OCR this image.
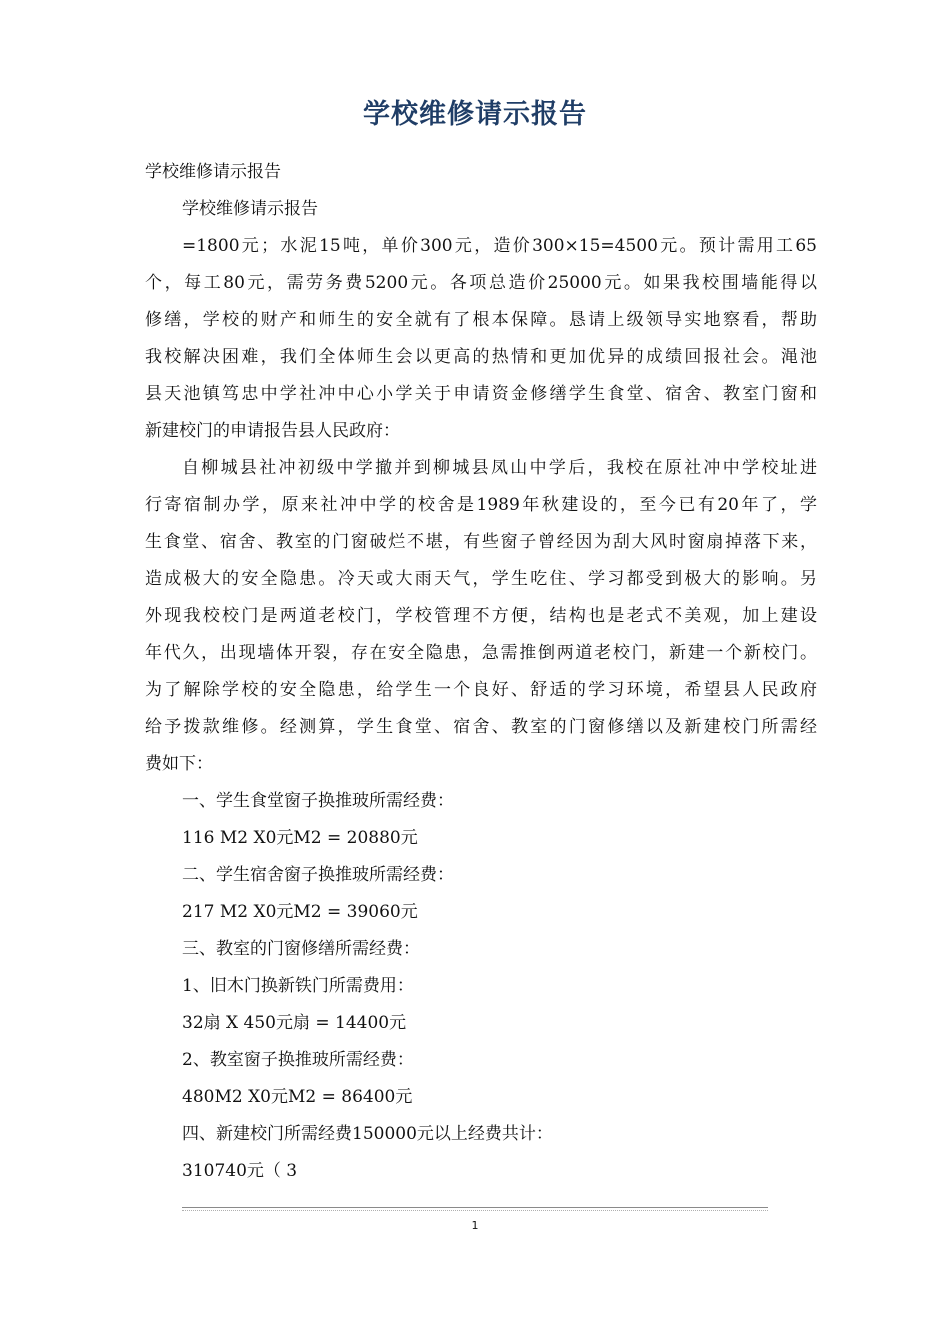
学校维修请示报告
学校维修请示报告
学校维修请示报告
=1800元；水泥15吨，单价300元，造价300×15=4500元。预计需用工65
个，每工80元，需劳务费5200元。各项总造价25000元。如果我校围墙能得以
修缮，学校的财产和师生的安全就有了根本保障。恳请上级领导实地察看，帮助
我校解决困难，我们全体师生会以更高的热情和更加优异的成绩回报社会。渑池
县天池镇笃忠中学社冲中心小学关于申请资金修缮学生食堂、宿舍、教室门窗和
新建校门的申请报告县人民政府：
自柳城县社冲初级中学撤并到柳城县凤山中学后，我校在原社冲中学校址进
行寄宿制办学，原来社冲中学的校舍是1989年秋建设的，至今已有20年了，学
生食堂、宿舍、教室的门窗破烂不堪，有些窗子曾经因为刮大风时窗扇掉落下来，
造成极大的安全隐患。冷天或大雨天气，学生吃住、学习都受到极大的影响。另
外现我校校门是两道老校门，学校管理不方便，结构也是老式不美观，加上建设
年代久，出现墙体开裂，存在安全隐患，急需推倒两道老校门，新建一个新校门。
为了解除学校的安全隐患，给学生一个良好、舒适的学习环境，希望县人民政府
给予拨款维修。经测算，学生食堂、宿舍、教室的门窗修缮以及新建校门所需经
费如下：
一、学生食堂窗子换推玻所需经费：
116 M2 X0元M2 = 20880元
二、学生宿舍窗子换推玻所需经费：
217 M2 X0元M2 = 39060元
三、教室的门窗修缮所需经费：
1、旧木门换新铁门所需费用：
32扇 X 450元扇 = 14400元
2、教室窗子换推玻所需经费：
480M2 X0元M2 = 86400元
四、新建校门所需经费150000元以上经费共计：
310740元（ 3
1
